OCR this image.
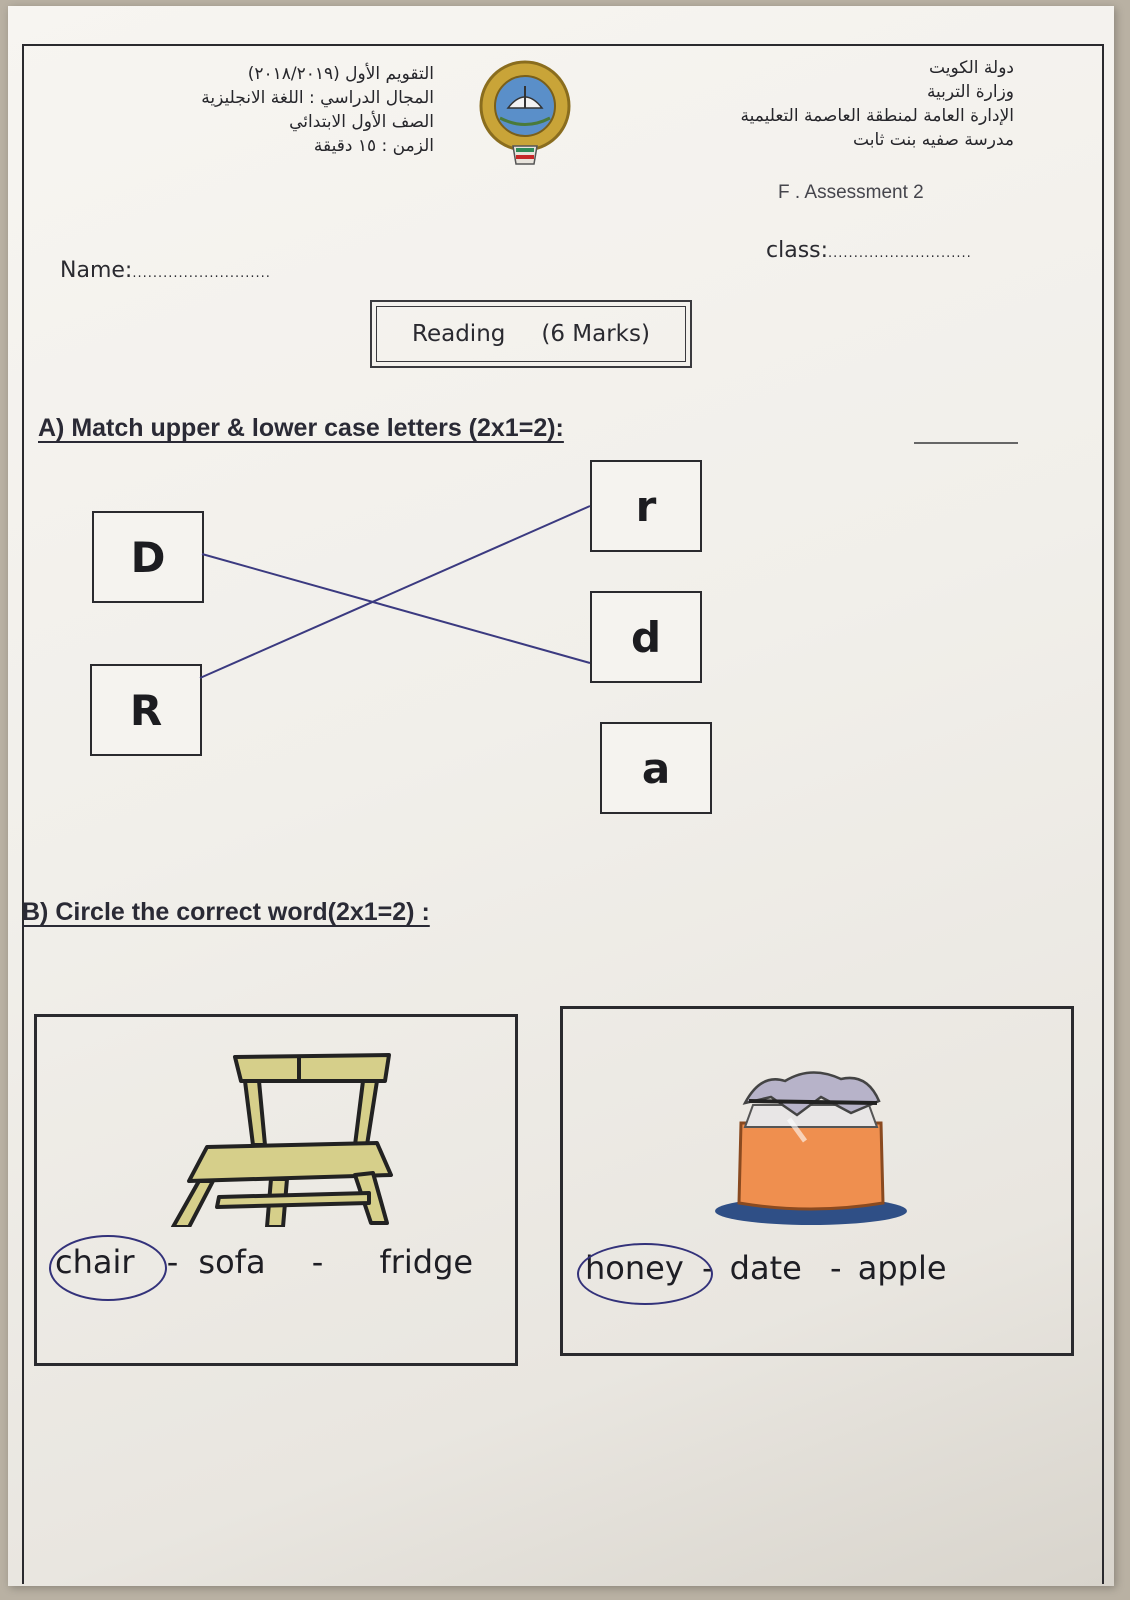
دولة الكويت
وزارة التربية
الإدارة العامة لمنطقة العاصمة التعليمية
مدرسة صفيه بنت ثابت
التقويم الأول (٢٠١٨/٢٠١٩)
المجال الدراسي : اللغة الانجليزية
الصف الأول الابتدائي
الزمن : ١٥ دقيقة
F . Assessment 2
class:............................
Name:...........................
Reading (6 Marks)
A) Match upper & lower case letters (2x1=2):
D
R
r
d
a
B) Circle the correct word(2x1=2) :
chair - sofa - fridge	honey - date - apple
